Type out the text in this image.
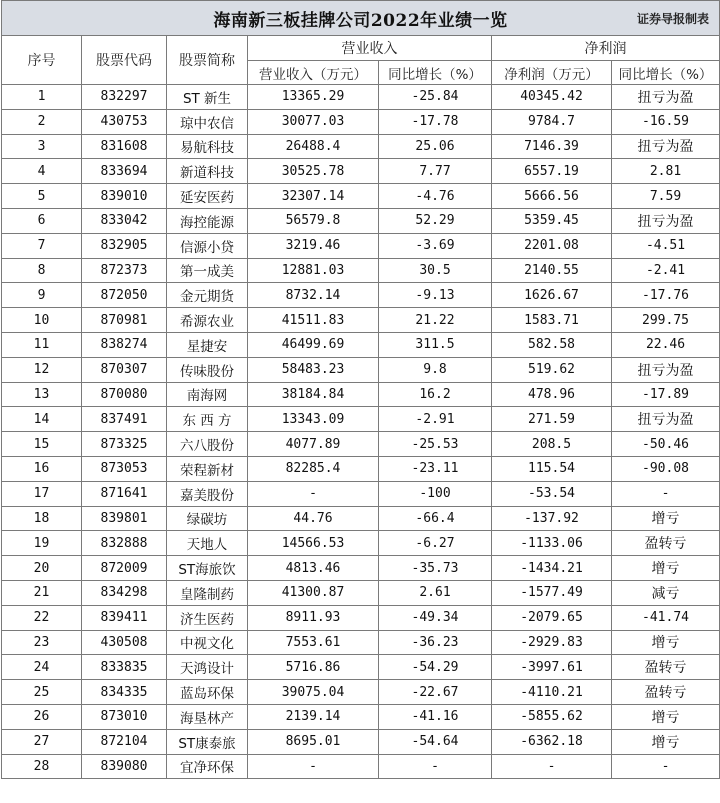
海南新三板挂牌公司2022年业绩一览 证券导报制表						

序号	股票代码	股票简称	营业收入		净利润	
			营业收入（万元）	同比增长（%）	净利润（万元）	同比增长（%）
1	832297	ST 新生	13365.29	-25.84	40345.42	扭亏为盈
2	430753	琼中农信	30077.03	-17.78	9784.7	-16.59
3	831608	易航科技	26488.4	25.06	7146.39	扭亏为盈
4	833694	新道科技	30525.78	7.77	6557.19	2.81
5	839010	延安医药	32307.14	-4.76	5666.56	7.59
6	833042	海控能源	56579.8	52.29	5359.45	扭亏为盈
7	832905	信源小贷	3219.46	-3.69	2201.08	-4.51
8	872373	第一成美	12881.03	30.5	2140.55	-2.41
9	872050	金元期货	8732.14	-9.13	1626.67	-17.76
10	870981	希源农业	41511.83	21.22	1583.71	299.75
11	838274	星捷安	46499.69	311.5	582.58	22.46
12	870307	传味股份	58483.23	9.8	519.62	扭亏为盈
13	870080	南海网	38184.84	16.2	478.96	-17.89
14	837491	东 西 方	13343.09	-2.91	271.59	扭亏为盈
15	873325	六八股份	4077.89	-25.53	208.5	-50.46
16	873053	荣程新材	82285.4	-23.11	115.54	-90.08
17	871641	嘉美股份	-	-100	-53.54	-
18	839801	绿碳坊	44.76	-66.4	-137.92	增亏
19	832888	天地人	14566.53	-6.27	-1133.06	盈转亏
20	872009	ST海旅饮	4813.46	-35.73	-1434.21	增亏
21	834298	皇隆制药	41300.87	2.61	-1577.49	减亏
22	839411	济生医药	8911.93	-49.34	-2079.65	-41.74
23	430508	中视文化	7553.61	-36.23	-2929.83	增亏
24	833835	天鸿设计	5716.86	-54.29	-3997.61	盈转亏
25	834335	蓝岛环保	39075.04	-22.67	-4110.21	盈转亏
26	873010	海垦林产	2139.14	-41.16	-5855.62	增亏
27	872104	ST康泰旅	8695.01	-54.64	-6362.18	增亏
28	839080	宜净环保	-	-	-	-
